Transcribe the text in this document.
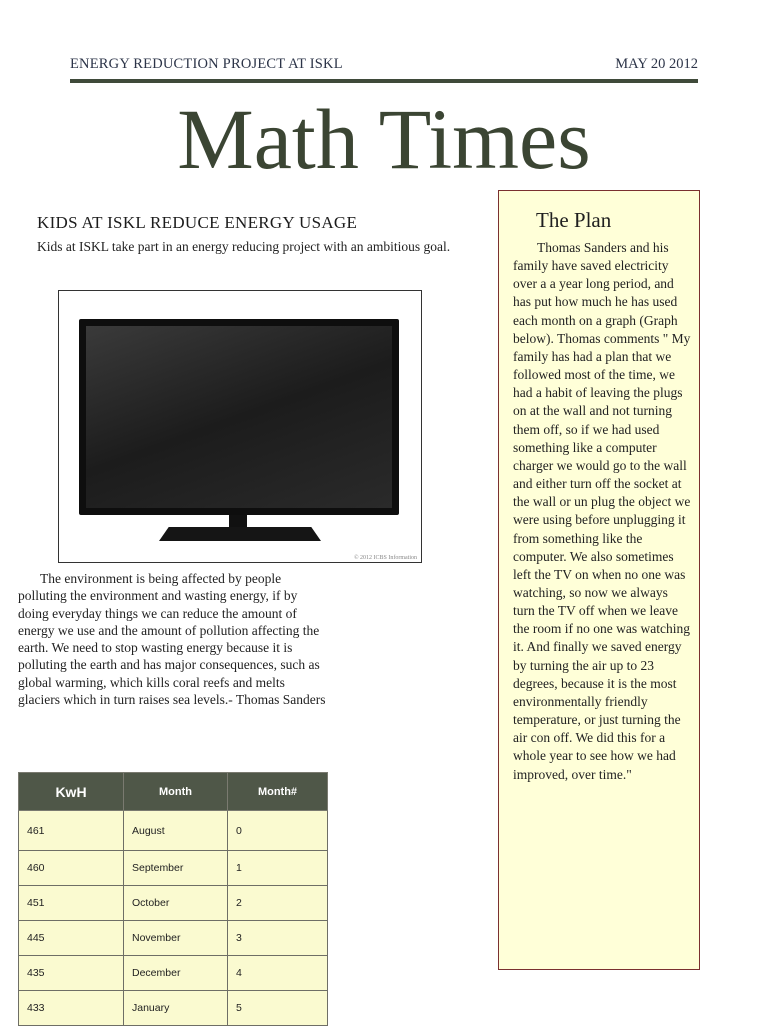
ENERGY REDUCTION PROJECT AT ISKL	MAY 20 2012
Math Times
KIDS AT ISKL REDUCE ENERGY USAGE
Kids at ISKL take part in an energy reducing project with an ambitious goal.
© 2012 ICBS Information
The environment is being affected by people polluting the environment and wasting energy, if by doing everyday things we can reduce the amount of energy we use and the amount of pollution affecting the earth. We need to stop wasting energy because it is polluting the earth and has major consequences, such as global warming, which kills coral reefs and melts glaciers which in turn raises sea levels.- Thomas Sanders
KwH	Month	Month#
461	August	0
460	September	1
451	October	2
445	November	3
435	December	4
433	January	5
The Plan
Thomas Sanders and his family have saved electricity over a a year long period, and has put how much he has used each month on a graph (Graph below). Thomas comments " My family has had a plan that we followed most of the time, we had a habit of leaving the plugs on at the wall and not turning them off, so if we had used something like a computer charger we would go to the wall and either turn off the socket at the wall or un plug the object we were using before unplugging it from something like the computer. We also sometimes left the TV on when no one was watching, so now we always turn the TV off when we leave the room if no one was watching it. And finally we saved energy by turning the air up to 23 degrees, because it is the most environmentally friendly temperature, or just turning the air con off. We did this for a whole year to see how we had improved, over time."
